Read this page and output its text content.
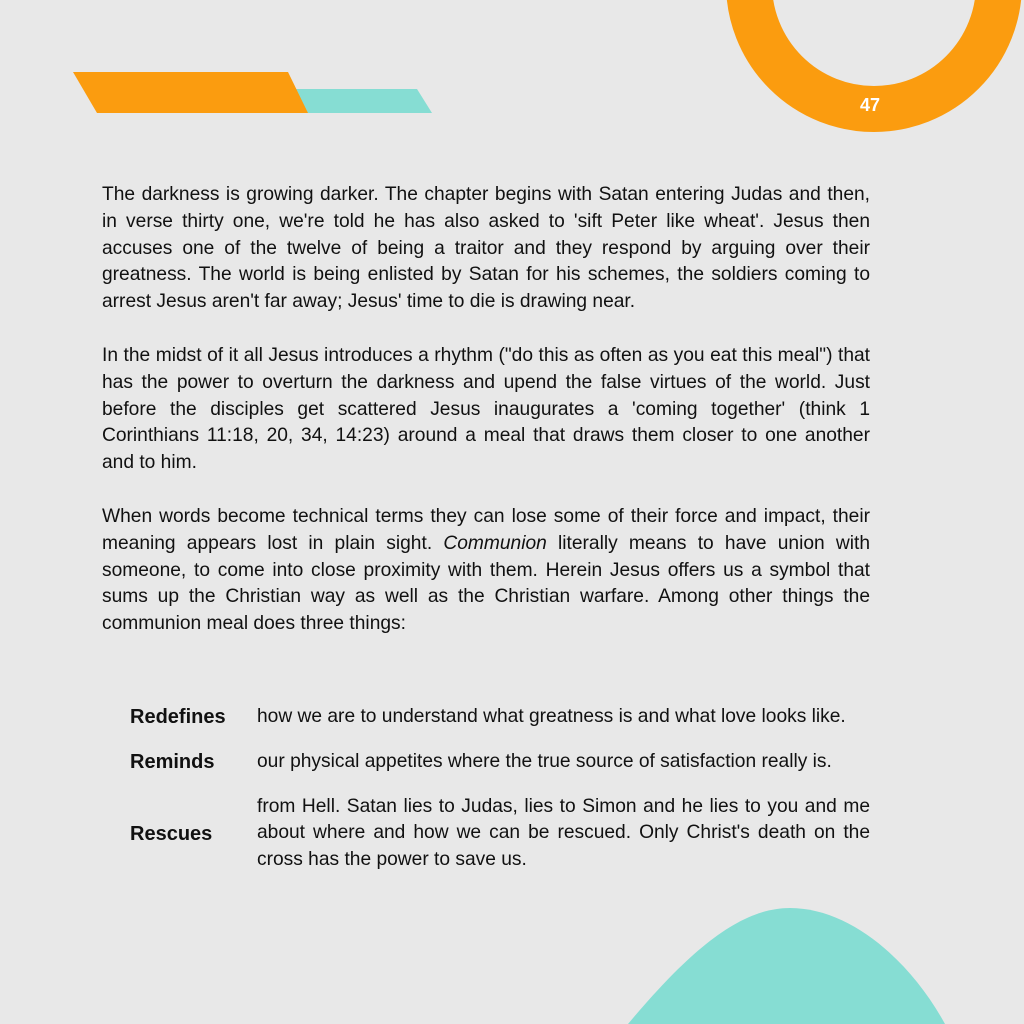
47

The darkness is growing darker. The chapter begins with Satan entering Judas and then, in verse thirty one, we're told he has also asked to 'sift Peter like wheat'. Jesus then accuses one of the twelve of being a traitor and they respond by arguing over their greatness. The world is being enlisted by Satan for his schemes, the soldiers coming to arrest Jesus aren't far away; Jesus' time to die is drawing near.

In the midst of it all Jesus introduces a rhythm ("do this as often as you eat this meal") that has the power to overturn the darkness and upend the false virtues of the world. Just before the disciples get scattered Jesus inaugurates a 'coming together' (think 1 Corinthians 11:18, 20, 34, 14:23) around a meal that draws them closer to one another and to him.

When words become technical terms they can lose some of their force and impact, their meaning appears lost in plain sight. Communion literally means to have union with someone, to come into close proximity with them. Herein Jesus offers us a symbol that sums up the Christian way as well as the Christian warfare. Among other things the communion meal does three things:

Redefines	how we are to understand what greatness is and what love looks like.
Reminds	our physical appetites where the true source of satisfaction really is.
Rescues
from Hell. Satan lies to Judas, lies to Simon and he lies to you and me about where and how we can be rescued. Only Christ's death on the cross has the power to save us.
